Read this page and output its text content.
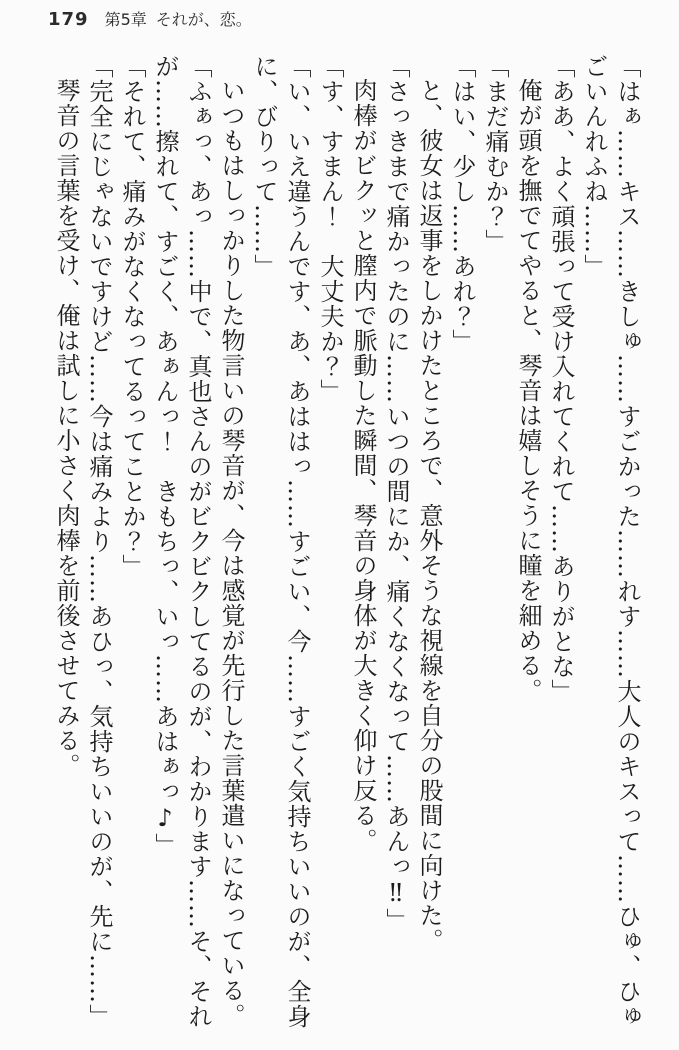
179 第5章 それが、恋。

「はぁ……キス……きしゅ……すごかった……れす……大人のキスって……ひゅ、ひゅごいんれふね……」

「ああ、よく頑張って受け入れてくれて……ありがとな」

俺が頭を撫でてやると、琴音は嬉しそうに瞳を細める。

「まだ痛むか？」

「はい、少し……あれ？」

と、彼女は返事をしかけたところで、意外そうな視線を自分の股間に向けた。

「さっきまで痛かったのに……いつの間にか、痛くなくなって……あんっ‼」

肉棒がビクッと膣内で脈動した瞬間、琴音の身体が大きく仰け反る。

「す、すまん！　大丈夫か？」

「い、いえ違うんです、あ、あははっ……すごい、今……すごく気持ちいいのが、全身に、びりって……」

いつもはしっかりした物言いの琴音が、今は感覚が先行した言葉遣いになっている。

「ふぁっ、あっ……中で、真也さんのがビクビクしてるのが、わかります……そ、それが……擦れて、すごく、あぁんっ！　きもちっ、いっ……あはぁっ♪」

「それて、痛みがなくなってるってことか？」

「完全にじゃないですけど……今は痛みより……あひっ、気持ちいいのが、先に……」

琴音の言葉を受け、俺は試しに小さく肉棒を前後させてみる。
